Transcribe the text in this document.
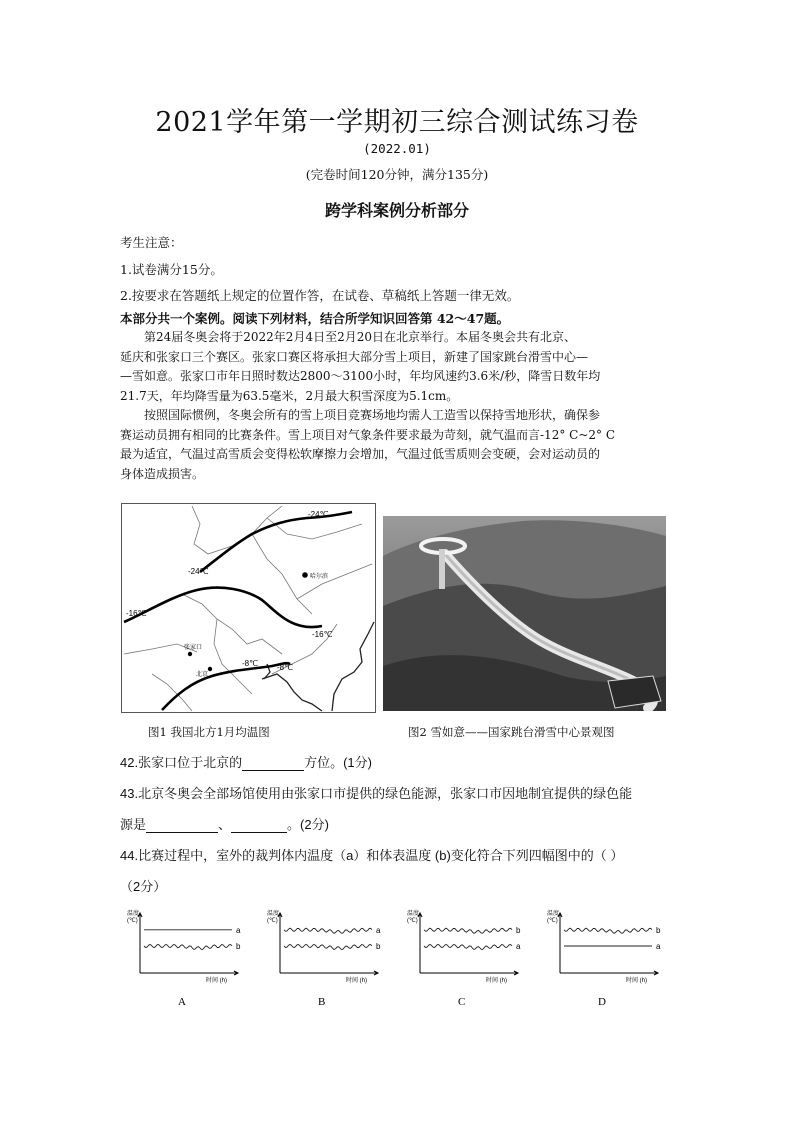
2021学年第一学期初三综合测试练习卷
(2022.01)
(完卷时间120分钟，满分135分)
跨学科案例分析部分
考生注意：
1.试卷满分15分。
2.按要求在答题纸上规定的位置作答，在试卷、草稿纸上答题一律无效。
本部分共一个案例。阅读下列材料，结合所学知识回答第 42～47题。

第24届冬奥会将于2022年2月4日至2月20日在北京举行。本届冬奥会共有北京、

延庆和张家口三个赛区。张家口赛区将承担大部分雪上项目，新建了国家跳台滑雪中心—

—雪如意。张家口市年日照时数达2800～3100小时，年均风速约3.6米/秒，降雪日数年均

21.7天，年均降雪量为63.5毫米，2月最大积雪深度为5.1cm。

按照国际惯例，冬奥会所有的雪上项目竞赛场地均需人工造雪以保持雪地形状，确保参

赛运动员拥有相同的比赛条件。雪上项目对气象条件要求最为苛刻，就气温而言-12° C~2° C

最为适宜，气温过高雪质会变得松软摩擦力会增加，气温过低雪质则会变硬，会对运动员的

身体造成损害。

-24℃
-24℃
-16℃
-16℃
-8℃ -8℃
哈尔滨
张家口
北京
图1 我国北方1月均温图	图2 雪如意——国家跳台滑雪中心景观图
42.张家口位于北京的	方位。(1分)
43.北京冬奥会全部场馆使用由张家口市提供的绿色能源，张家口市因地制宜提供的绿色能
源是	、	。(2分)
44.比赛过程中，室外的裁判体内温度（a）和体表温度 (b)变化符合下列四幅图中的（ ）
（2分）
温度
(℃)
时间 (h)
a
b
A
温度
(℃)
时间 (h)
a
b
B
温度
(℃)
时间 (h)
a
b
C
温度
(℃)
时间 (h)
a
b
D
